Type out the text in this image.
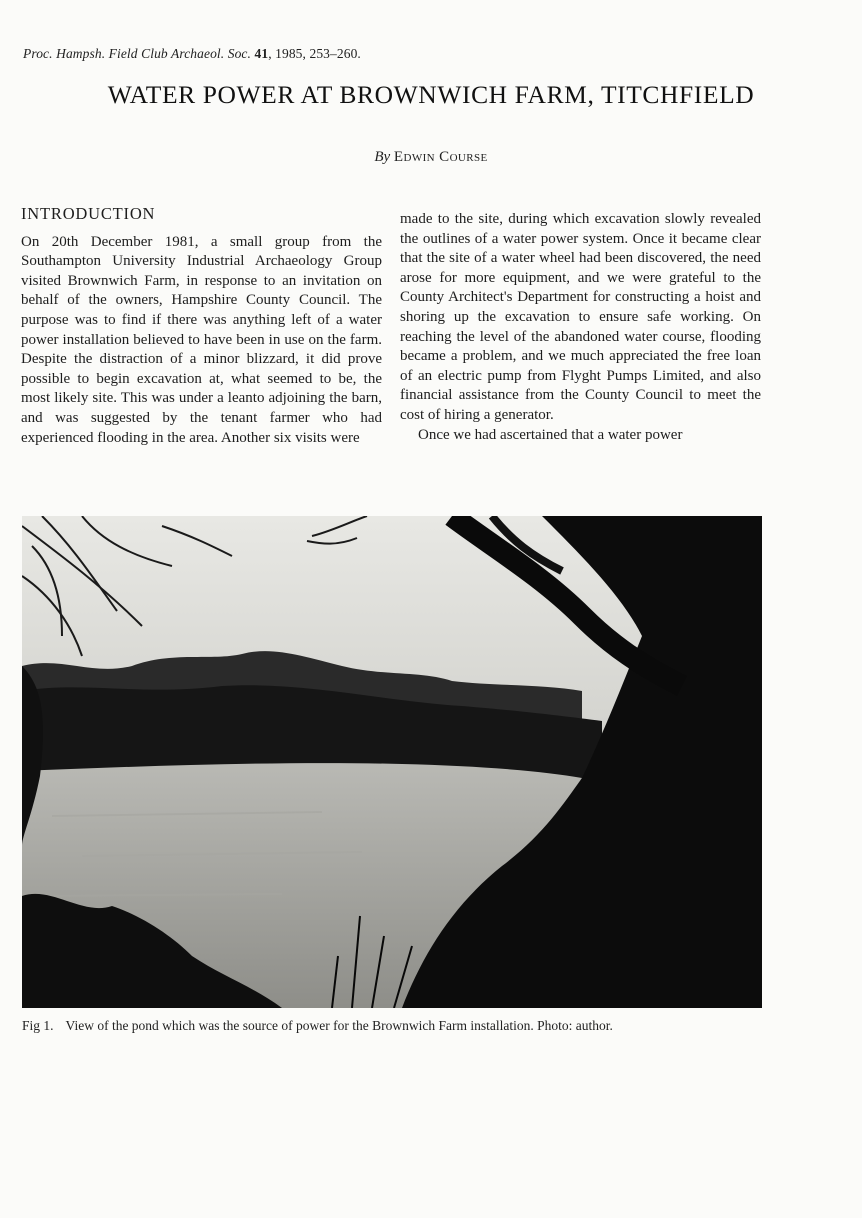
Proc. Hampsh. Field Club Archaeol. Soc. 41, 1985, 253–260.
WATER POWER AT BROWNWICH FARM, TITCHFIELD
By Edwin Course
INTRODUCTION

On 20th December 1981, a small group from the Southampton University Industrial Archaeology Group visited Brownwich Farm, in response to an invitation on behalf of the owners, Hampshire County Council. The purpose was to find if there was anything left of a water power installation believed to have been in use on the farm. Despite the distraction of a minor blizzard, it did prove possible to begin excavation at, what seemed to be, the most likely site. This was under a leanto adjoining the barn, and was suggested by the tenant farmer who had experienced flooding in the area. Another six visits were

made to the site, during which excavation slowly revealed the outlines of a water power system. Once it became clear that the site of a water wheel had been discovered, the need arose for more equipment, and we were grateful to the County Architect's Department for constructing a hoist and shoring up the excavation to ensure safe working. On reaching the level of the abandoned water course, flooding became a problem, and we much appreciated the free loan of an electric pump from Flyght Pumps Limited, and also financial assistance from the County Council to meet the cost of hiring a generator.

Once we had ascertained that a water power

Fig 1. View of the pond which was the source of power for the Brownwich Farm installation. Photo: author.
